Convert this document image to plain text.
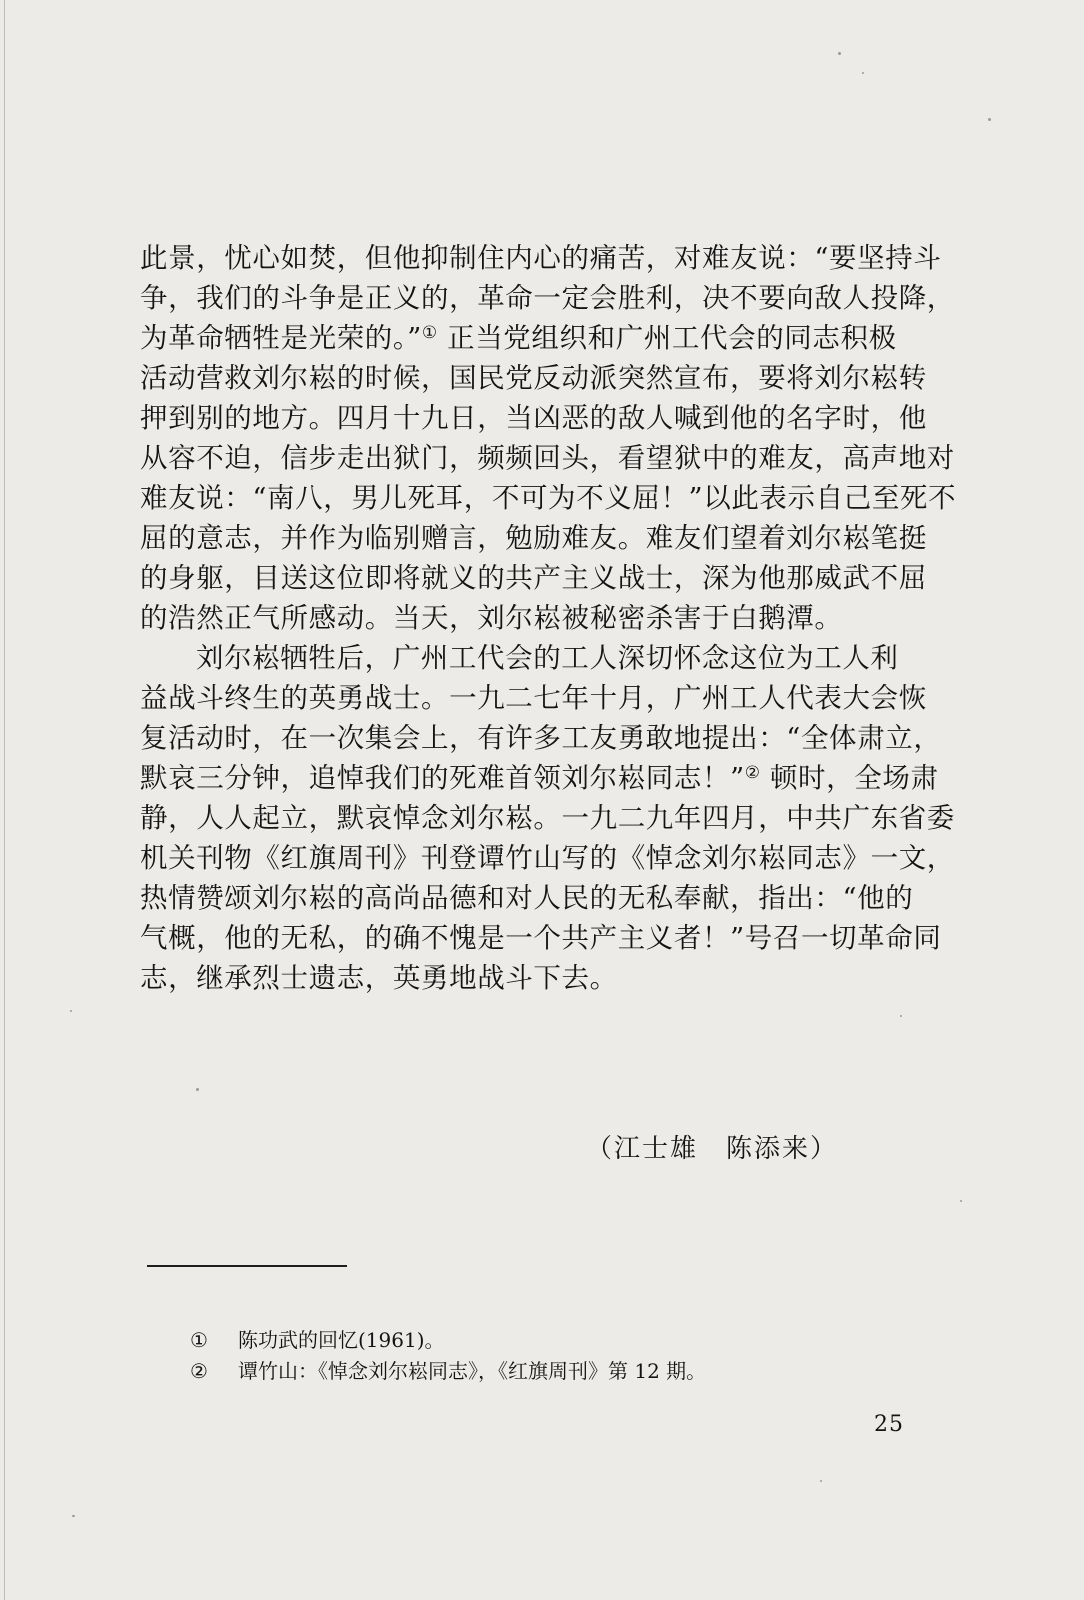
此景，忧心如焚，但他抑制住内心的痛苦，对难友说：“要坚持斗
争，我们的斗争是正义的，革命一定会胜利，决不要向敌人投降，
为革命牺牲是光荣的。”① 正当党组织和广州工代会的同志积极
活动营救刘尔崧的时候，国民党反动派突然宣布，要将刘尔崧转
押到别的地方。四月十九日，当凶恶的敌人喊到他的名字时，他
从容不迫，信步走出狱门，频频回头，看望狱中的难友，高声地对
难友说：“南八，男儿死耳，不可为不义屈！”以此表示自己至死不
屈的意志，并作为临别赠言，勉励难友。难友们望着刘尔崧笔挺
的身躯，目送这位即将就义的共产主义战士，深为他那威武不屈
的浩然正气所感动。当天，刘尔崧被秘密杀害于白鹅潭。
刘尔崧牺牲后，广州工代会的工人深切怀念这位为工人利
益战斗终生的英勇战士。一九二七年十月，广州工人代表大会恢
复活动时，在一次集会上，有许多工友勇敢地提出：“全体肃立，
默哀三分钟，追悼我们的死难首领刘尔崧同志！”② 顿时，全场肃
静，人人起立，默哀悼念刘尔崧。一九二九年四月，中共广东省委
机关刊物《红旗周刊》刊登谭竹山写的《悼念刘尔崧同志》一文，
热情赞颂刘尔崧的高尚品德和对人民的无私奉献，指出：“他的
气概，他的无私，的确不愧是一个共产主义者！”号召一切革命同
志，继承烈士遗志，英勇地战斗下去。
（江士雄　陈添来）
①	陈功武的回忆(1961)。
②	谭竹山：《悼念刘尔崧同志》，《红旗周刊》第 12 期。
25
